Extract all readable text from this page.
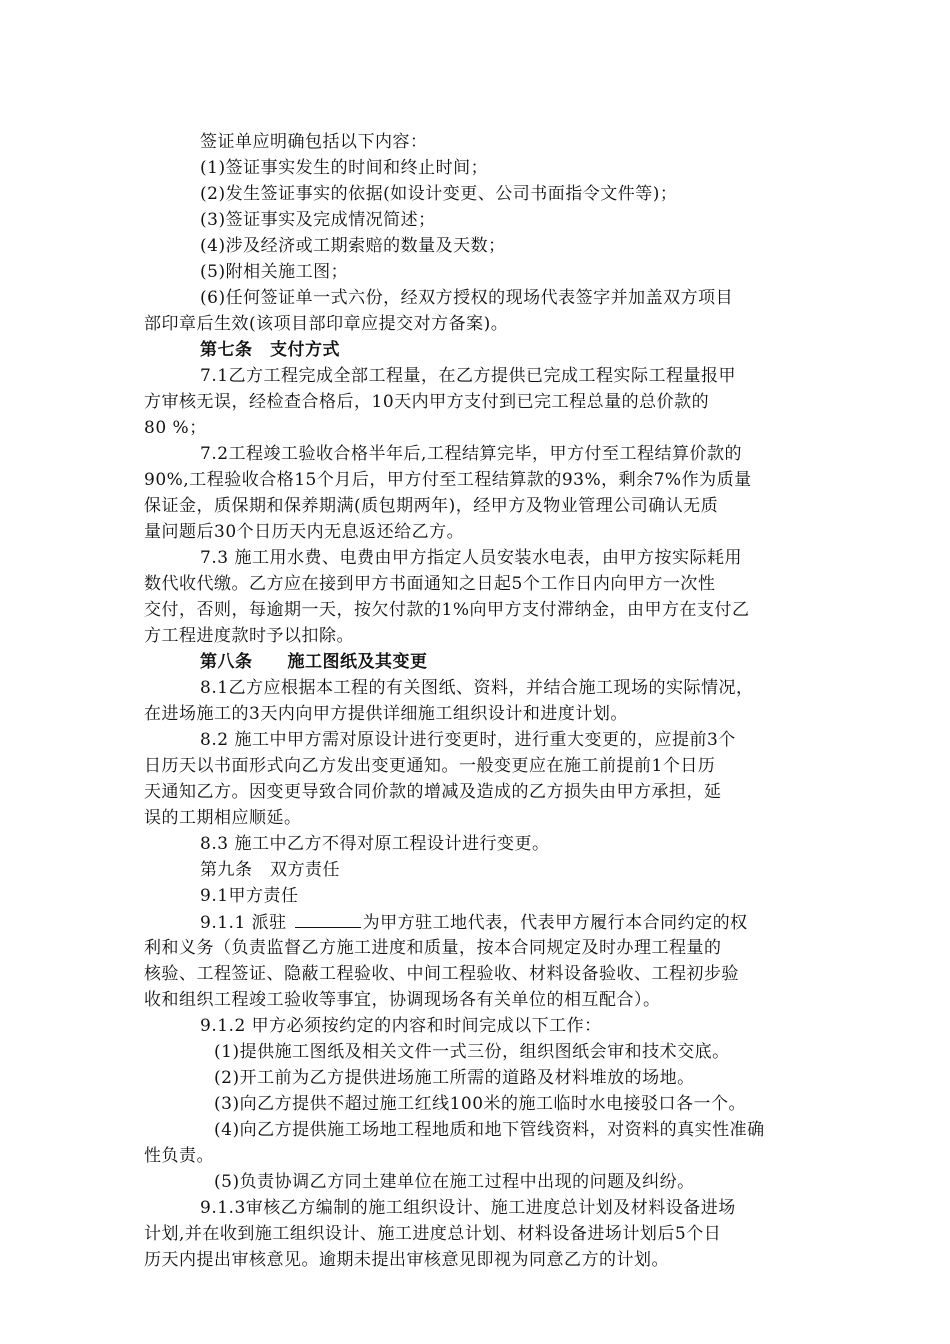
签证单应明确包括以下内容：
(1)签证事实发生的时间和终止时间；
(2)发生签证事实的依据(如设计变更、公司书面指令文件等)；
(3)签证事实及完成情况简述；
(4)涉及经济或工期索赔的数量及天数；
(5)附相关施工图；
(6)任何签证单一式六份，经双方授权的现场代表签字并加盖双方项目
部印章后生效(该项目部印章应提交对方备案)。
第七条　支付方式
7.1乙方工程完成全部工程量，在乙方提供已完成工程实际工程量报甲
方审核无误，经检查合格后，10天内甲方支付到已完工程总量的总价款的
80 %；
7.2工程竣工验收合格半年后,工程结算完毕，甲方付至工程结算价款的
90%,工程验收合格15个月后，甲方付至工程结算款的93%，剩余7%作为质量
保证金，质保期和保养期满(质包期两年)，经甲方及物业管理公司确认无质
量问题后30个日历天内无息返还给乙方。
7.3 施工用水费、电费由甲方指定人员安装水电表，由甲方按实际耗用
数代收代缴。乙方应在接到甲方书面通知之日起5个工作日内向甲方一次性
交付，否则，每逾期一天，按欠付款的1%向甲方支付滞纳金，由甲方在支付乙
方工程进度款时予以扣除。
第八条　　施工图纸及其变更
8.1乙方应根据本工程的有关图纸、资料，并结合施工现场的实际情况，
在进场施工的3天内向甲方提供详细施工组织设计和进度计划。
8.2 施工中甲方需对原设计进行变更时，进行重大变更的，应提前3个
日历天以书面形式向乙方发出变更通知。一般变更应在施工前提前1个日历
天通知乙方。因变更导致合同价款的增减及造成的乙方损失由甲方承担，延
误的工期相应顺延。
8.3 施工中乙方不得对原工程设计进行变更。
第九条　双方责任
9.1甲方责任
9.1.1 派驻	为甲方驻工地代表，代表甲方履行本合同约定的权
利和义务（负责监督乙方施工进度和质量，按本合同规定及时办理工程量的
核验、工程签证、隐蔽工程验收、中间工程验收、材料设备验收、工程初步验
收和组织工程竣工验收等事宜，协调现场各有关单位的相互配合）。
9.1.2 甲方必须按约定的内容和时间完成以下工作：
(1)提供施工图纸及相关文件一式三份，组织图纸会审和技术交底。
(2)开工前为乙方提供进场施工所需的道路及材料堆放的场地。
(3)向乙方提供不超过施工红线100米的施工临时水电接驳口各一个。
(4)向乙方提供施工场地工程地质和地下管线资料，对资料的真实性准确
性负责。
(5)负责协调乙方同土建单位在施工过程中出现的问题及纠纷。
9.1.3审核乙方编制的施工组织设计、施工进度总计划及材料设备进场
计划,并在收到施工组织设计、施工进度总计划、材料设备进场计划后5个日
历天内提出审核意见。逾期未提出审核意见即视为同意乙方的计划。
